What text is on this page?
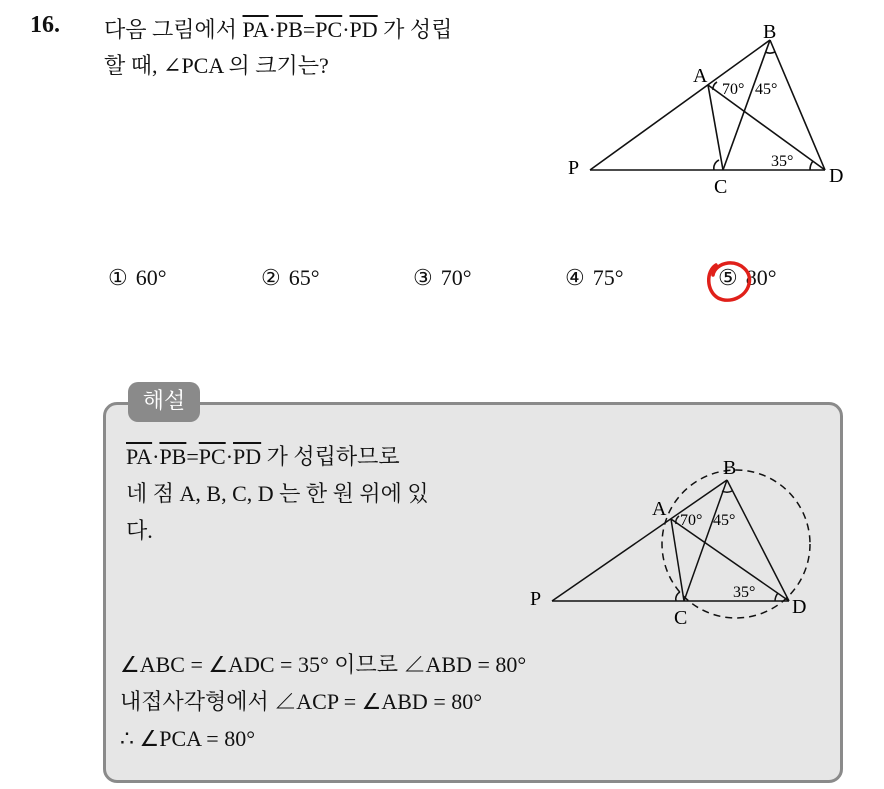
16. 다음 그림에서 $\overline{PA}\cdot\overline{PB}=\overline{PC}\cdot\overline{PD}$ 가 성립
할 때, ∠PCA 의 크기는?	A
B
C	D
P
70° 45°
35°
① 60°	② 65°	③ 70°	④ 75°	⑤ 80°
해설
$\overline{PA}\cdot\overline{PB}=\overline{PC}\cdot\overline{PD}$ 가 성립하므로
네 점 A, B, C, D 는 한 원 위에 있
다.
A
B
C	D
P
70° 45°
35°
∠ABC = ∠ADC = 35° 이므로 ∠ABD = 80°
내접사각형에서 ∠ACP = ∠ABD = 80°
∴ ∠PCA = 80°
